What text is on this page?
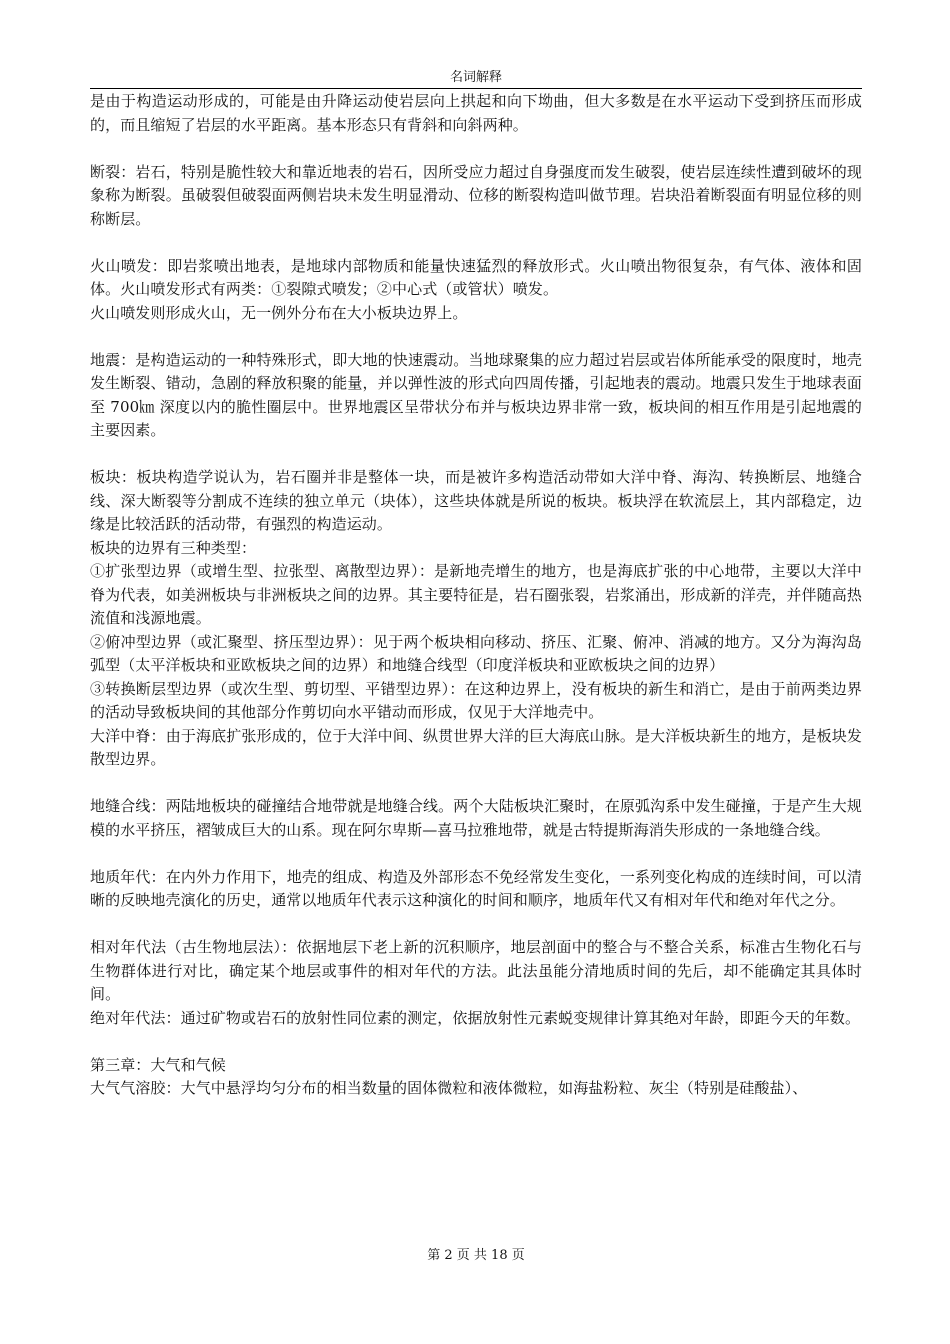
名词解释

是由于构造运动形成的，可能是由升降运动使岩层向上拱起和向下坳曲，但大多数是在水平运动下受到挤压而形成的，而且缩短了岩层的水平距离。基本形态只有背斜和向斜两种。

断裂：岩石，特别是脆性较大和靠近地表的岩石，因所受应力超过自身强度而发生破裂，使岩层连续性遭到破坏的现象称为断裂。虽破裂但破裂面两侧岩块未发生明显滑动、位移的断裂构造叫做节理。岩块沿着断裂面有明显位移的则称断层。

火山喷发：即岩浆喷出地表，是地球内部物质和能量快速猛烈的释放形式。火山喷出物很复杂，有气体、液体和固体。火山喷发形式有两类：①裂隙式喷发；②中心式（或管状）喷发。

火山喷发则形成火山，无一例外分布在大小板块边界上。

地震：是构造运动的一种特殊形式，即大地的快速震动。当地球聚集的应力超过岩层或岩体所能承受的限度时，地壳发生断裂、错动，急剧的释放积聚的能量，并以弹性波的形式向四周传播，引起地表的震动。地震只发生于地球表面至 700㎞ 深度以内的脆性圈层中。世界地震区呈带状分布并与板块边界非常一致，板块间的相互作用是引起地震的主要因素。

板块：板块构造学说认为，岩石圈并非是整体一块，而是被许多构造活动带如大洋中脊、海沟、转换断层、地缝合线、深大断裂等分割成不连续的独立单元（块体），这些块体就是所说的板块。板块浮在软流层上，其内部稳定，边缘是比较活跃的活动带，有强烈的构造运动。

板块的边界有三种类型：

①扩张型边界（或增生型、拉张型、离散型边界）：是新地壳增生的地方，也是海底扩张的中心地带，主要以大洋中脊为代表，如美洲板块与非洲板块之间的边界。其主要特征是，岩石圈张裂，岩浆涌出，形成新的洋壳，并伴随高热流值和浅源地震。

②俯冲型边界（或汇聚型、挤压型边界）：见于两个板块相向移动、挤压、汇聚、俯冲、消减的地方。又分为海沟岛弧型（太平洋板块和亚欧板块之间的边界）和地缝合线型（印度洋板块和亚欧板块之间的边界）

③转换断层型边界（或次生型、剪切型、平错型边界）：在这种边界上，没有板块的新生和消亡，是由于前两类边界的活动导致板块间的其他部分作剪切向水平错动而形成，仅见于大洋地壳中。

大洋中脊：由于海底扩张形成的，位于大洋中间、纵贯世界大洋的巨大海底山脉。是大洋板块新生的地方，是板块发散型边界。

地缝合线：两陆地板块的碰撞结合地带就是地缝合线。两个大陆板块汇聚时，在原弧沟系中发生碰撞，于是产生大规模的水平挤压，褶皱成巨大的山系。现在阿尔卑斯—喜马拉雅地带，就是古特提斯海消失形成的一条地缝合线。

地质年代：在内外力作用下，地壳的组成、构造及外部形态不免经常发生变化，一系列变化构成的连续时间，可以清晰的反映地壳演化的历史，通常以地质年代表示这种演化的时间和顺序，地质年代又有相对年代和绝对年代之分。

相对年代法（古生物地层法）：依据地层下老上新的沉积顺序，地层剖面中的整合与不整合关系，标准古生物化石与生物群体进行对比，确定某个地层或事件的相对年代的方法。此法虽能分清地质时间的先后，却不能确定其具体时间。

绝对年代法：通过矿物或岩石的放射性同位素的测定，依据放射性元素蜕变规律计算其绝对年龄，即距今天的年数。

第三章：大气和气候

大气气溶胶：大气中悬浮均匀分布的相当数量的固体微粒和液体微粒，如海盐粉粒、灰尘（特别是硅酸盐）、

第 2 页 共 18 页
